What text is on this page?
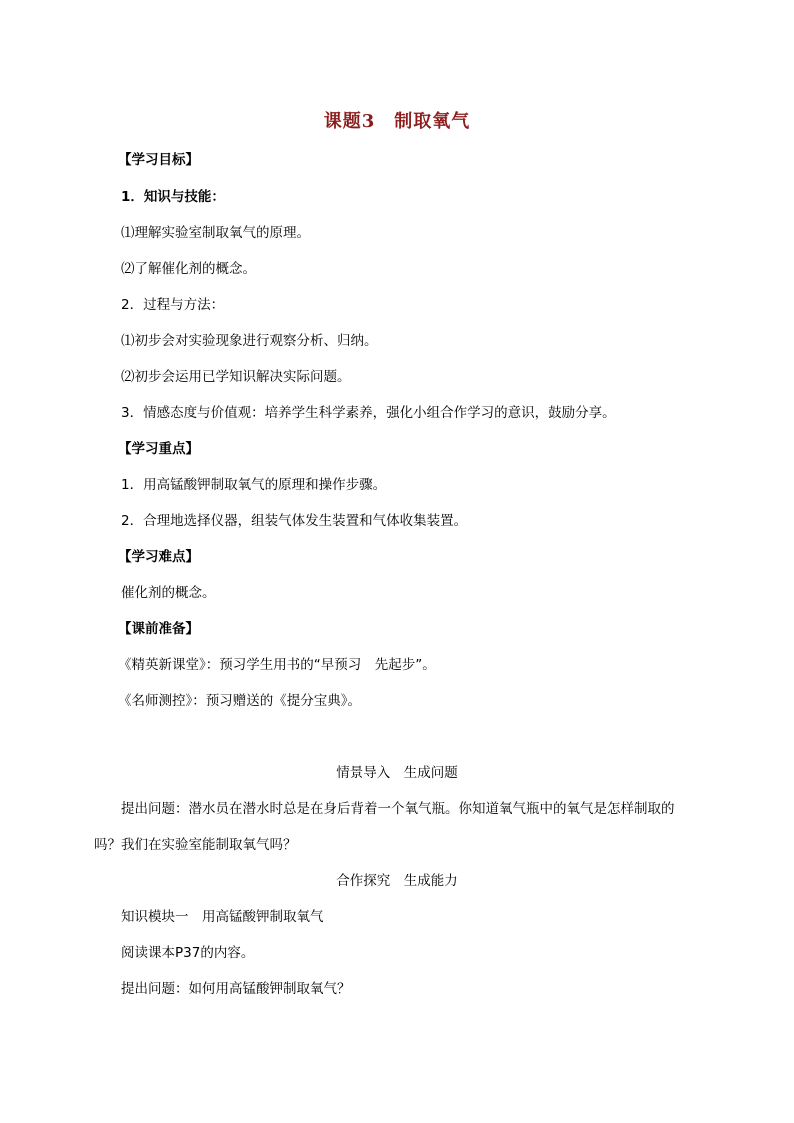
课题3　制取氧气
【学习目标】
1．知识与技能：
⑴理解实验室制取氧气的原理。
⑵了解催化剂的概念。
2．过程与方法：
⑴初步会对实验现象进行观察分析、归纳。
⑵初步会运用已学知识解决实际问题。
3．情感态度与价值观：培养学生科学素养，强化小组合作学习的意识，鼓励分享。
【学习重点】
1．用高锰酸钾制取氧气的原理和操作步骤。
2．合理地选择仪器，组装气体发生装置和气体收集装置。
【学习难点】
催化剂的概念。
【课前准备】
《精英新课堂》：预习学生用书的“早预习　先起步”。
《名师测控》：预习赠送的《提分宝典》。
情景导入　生成问题
提出问题：潜水员在潜水时总是在身后背着一个氧气瓶。你知道氧气瓶中的氧气是怎样制取的
吗？我们在实验室能制取氧气吗？
合作探究　生成能力
知识模块一　用高锰酸钾制取氧气
阅读课本P37的内容。
提出问题：如何用高锰酸钾制取氧气？
